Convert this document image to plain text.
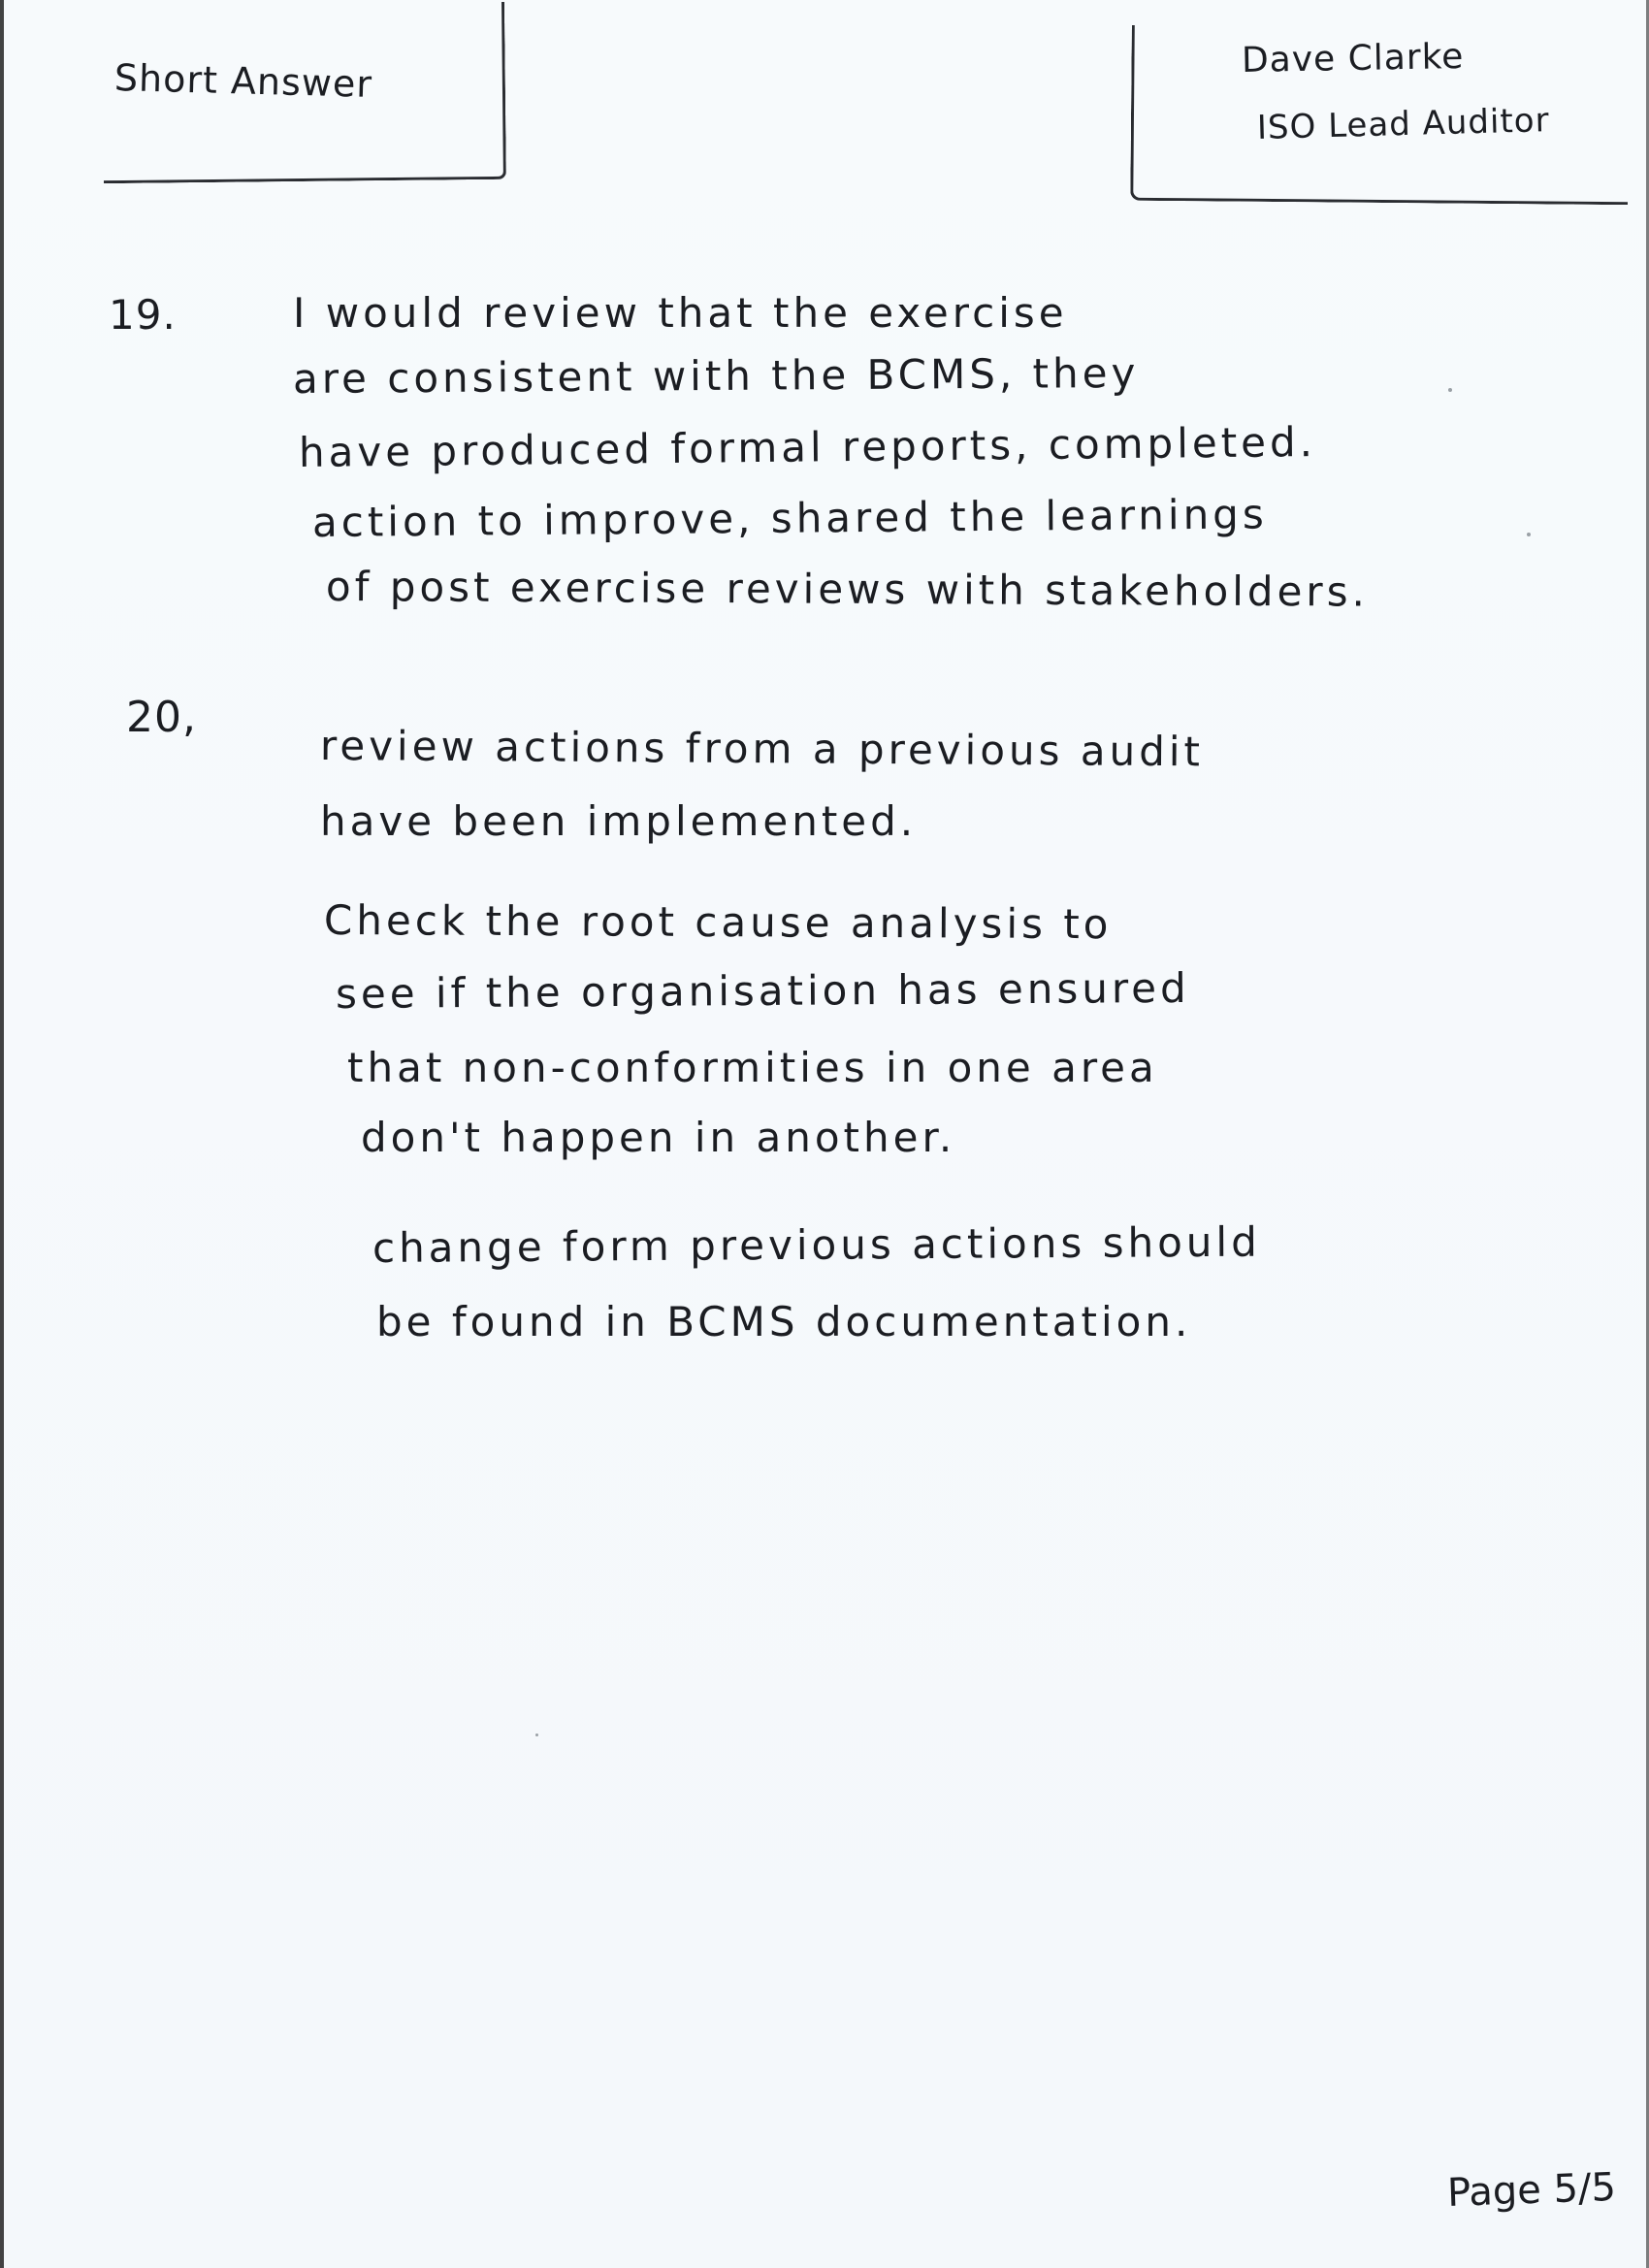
Short Answer	Dave Clarke
ISO Lead Auditor
19.	I would review that the exercise
are consistent with the BCMS, they
have produced formal reports, completed.
action to improve, shared the learnings
of post exercise reviews with stakeholders.
20,
review actions from a previous audit
have been implemented.
Check the root cause analysis to
see if the organisation has ensured
that non-conformities in one area
don't happen in another.
change form previous actions should
be found in BCMS documentation.
Page 5/5
